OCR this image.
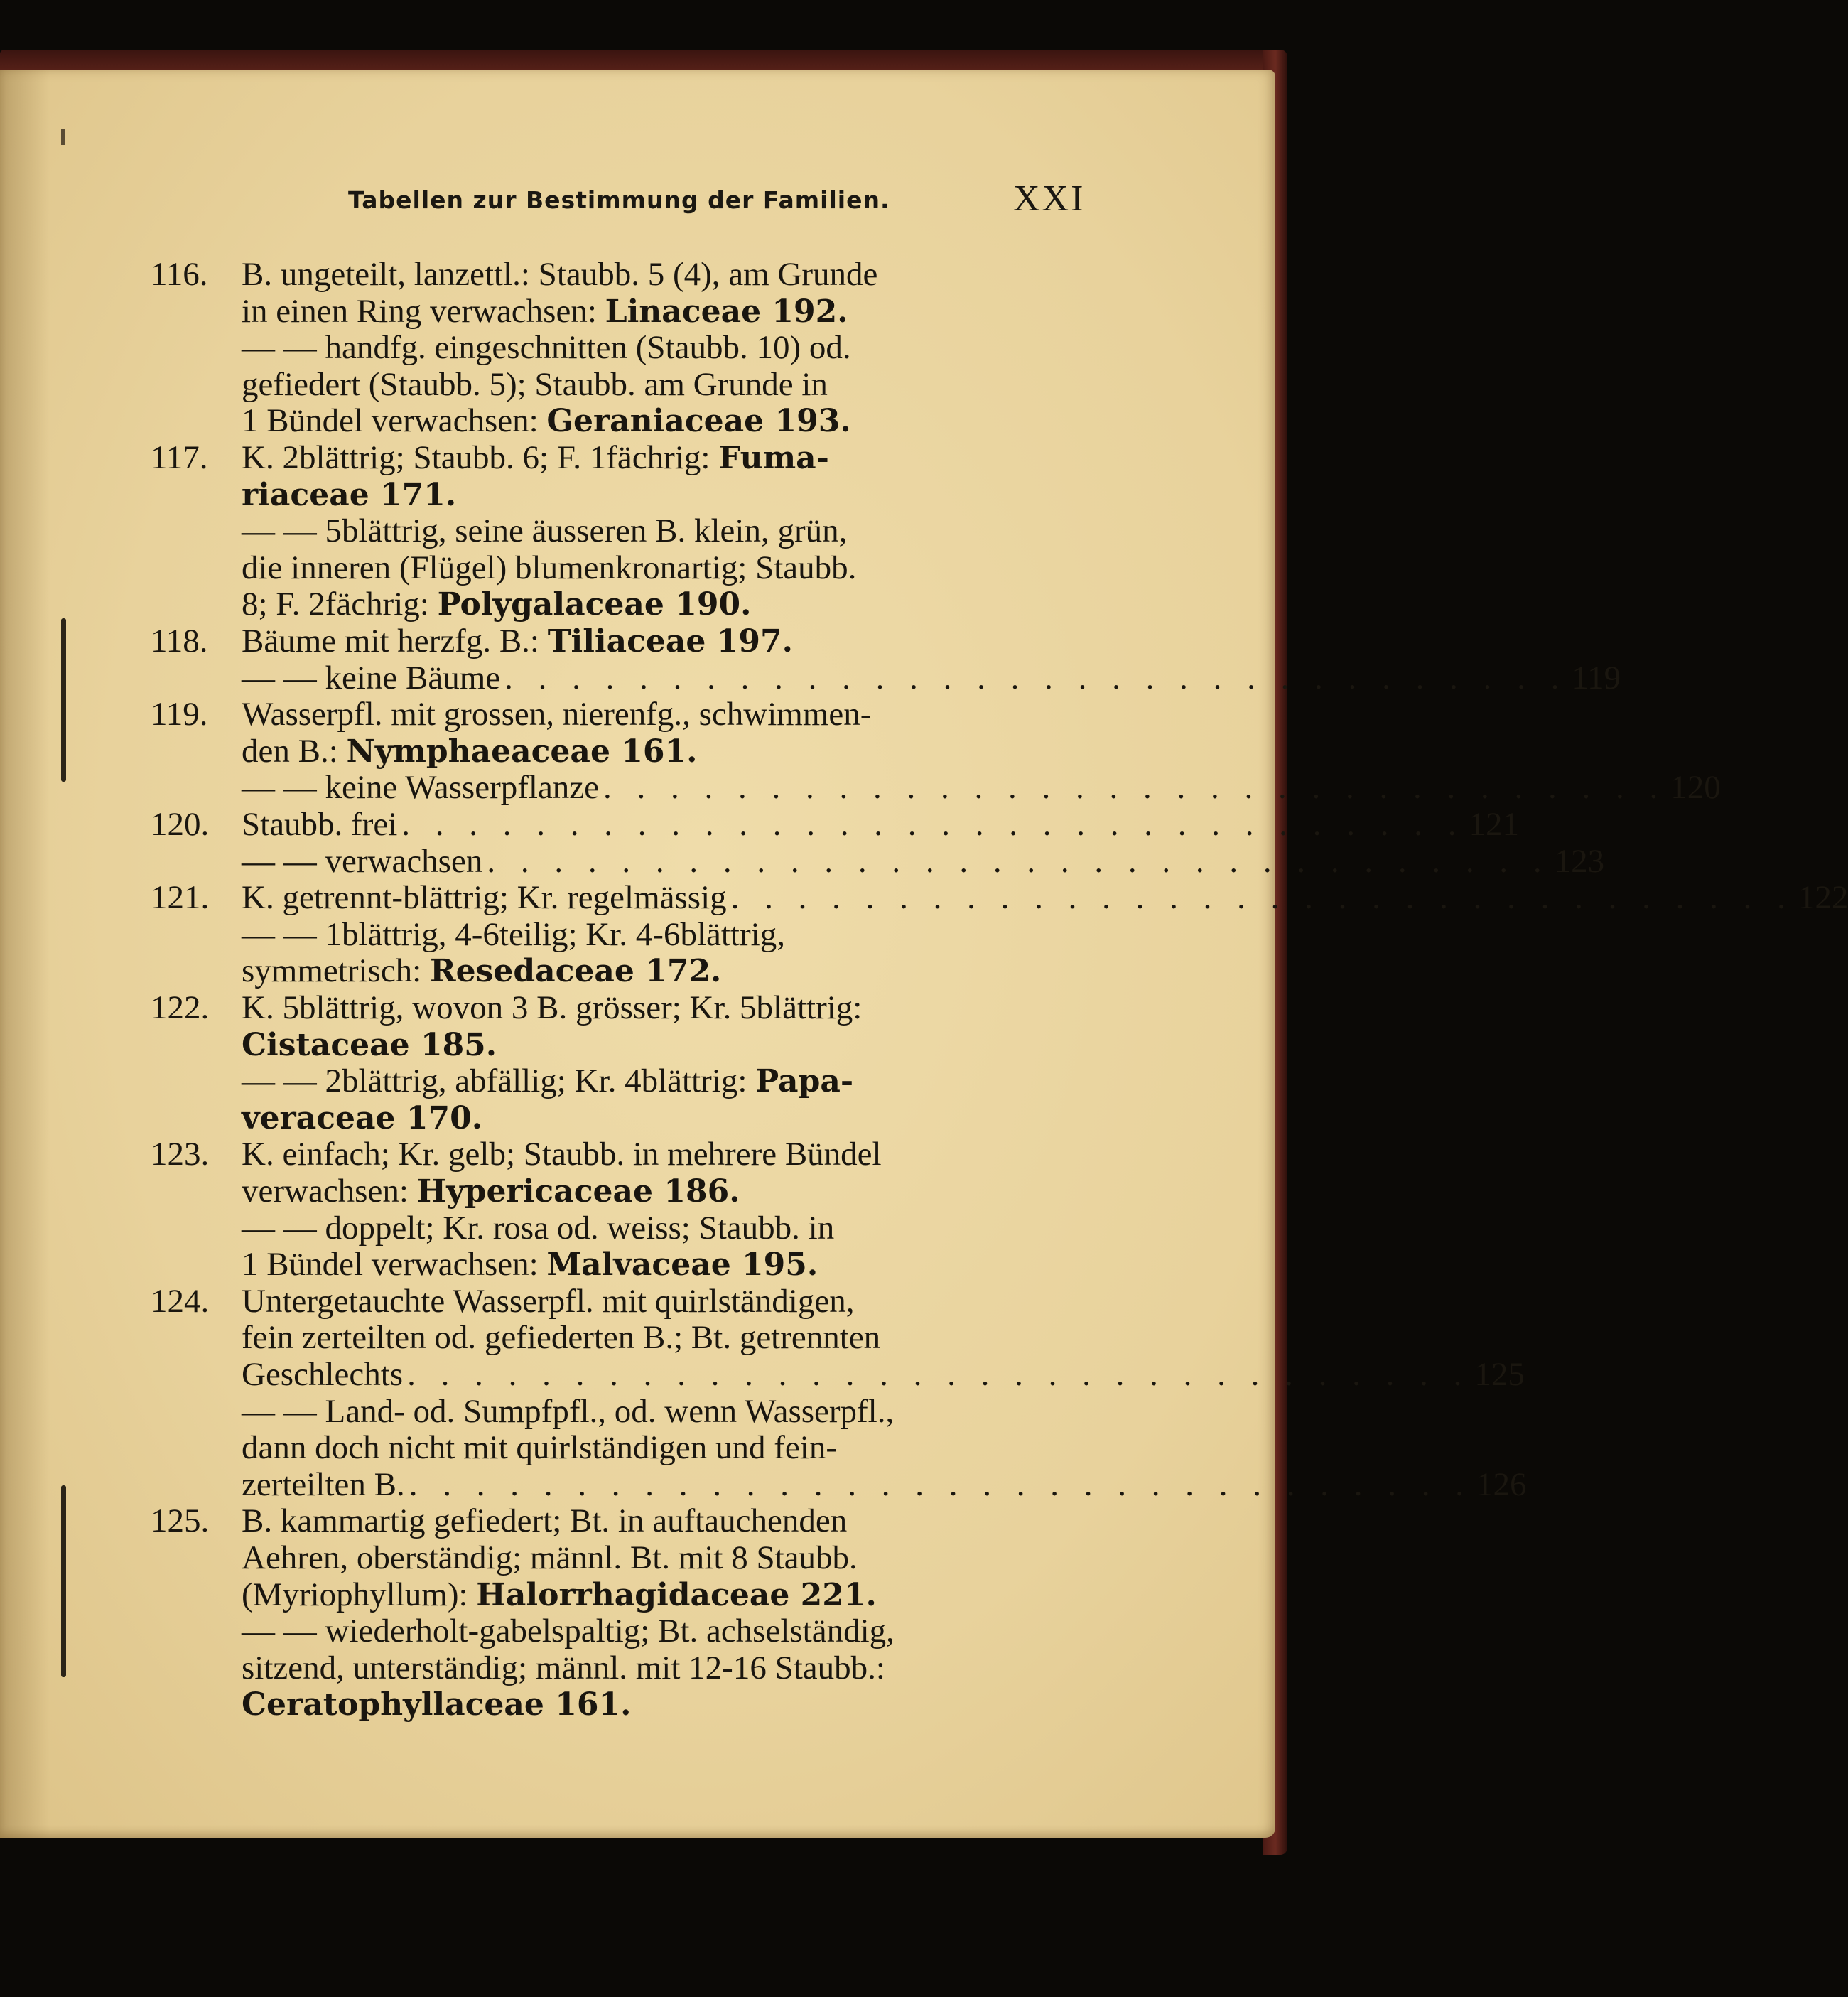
Tabellen zur Bestimmung der Familien.	XXI
116.	B. ungeteilt, lanzettl.: Staubb. 5 (4), am Grunde
in einen Ring verwachsen: Linaceae 192.
— — handfg. eingeschnitten (Staubb. 10) od.
gefiedert (Staubb. 5); Staubb. am Grunde in
1 Bündel verwachsen: Geraniaceae 193.
117.	K. 2blättrig; Staubb. 6; F. 1fächrig: Fuma-
riaceae 171.
— — 5blättrig, seine äusseren B. klein, grün,
die inneren (Flügel) blumenkronartig; Staubb.
8; F. 2fächrig: Polygalaceae 190.
118.	Bäume mit herzfg. B.: Tiliaceae 197.
— — keine Bäume . . . . . . . . . . . . . . . . . . . . . . . . . . . . . . . . 119
119.	Wasserpfl. mit grossen, nierenfg., schwimmen-
den B.: Nymphaeaceae 161.
— — keine Wasserpflanze . . . . . . . . . . . . . . . . . . . . . . . . . . . . . . . . 120
120. Staubb. frei . . . . . . . . . . . . . . . . . . . . . . . . . . . . . . . . 121
— — verwachsen . . . . . . . . . . . . . . . . . . . . . . . . . . . . . . . . 123
121. K. getrennt-blättrig; Kr. regelmässig . . . . . . . . . . . . . . . . . . . . . . . . . . . . . . . . 122
— — 1blättrig, 4-6teilig; Kr. 4-6blättrig,
symmetrisch: Resedaceae 172.
122. K. 5blättrig, wovon 3 B. grösser; Kr. 5blättrig:
Cistaceae 185.
— — 2blättrig, abfällig; Kr. 4blättrig: Papa-
veraceae 170.
123. K. einfach; Kr. gelb; Staubb. in mehrere Bündel
verwachsen: Hypericaceae 186.
— — doppelt; Kr. rosa od. weiss; Staubb. in
1 Bündel verwachsen: Malvaceae 195.
124. Untergetauchte Wasserpfl. mit quirlständigen,
fein zerteilten od. gefiederten B.; Bt. getrennten
Geschlechts . . . . . . . . . . . . . . . . . . . . . . . . . . . . . . . . 125
— — Land- od. Sumpfpfl., od. wenn Wasserpfl.,
dann doch nicht mit quirlständigen und fein-
zerteilten B. . . . . . . . . . . . . . . . . . . . . . . . . . . . . . . . . 126
125. B. kammartig gefiedert; Bt. in auftauchenden
Aehren, oberständig; männl. Bt. mit 8 Staubb.
(Myriophyllum): Halorrhagidaceae 221.
— — wiederholt-gabelspaltig; Bt. achselständig,
sitzend, unterständig; männl. mit 12-16 Staubb.:
Ceratophyllaceae 161.
